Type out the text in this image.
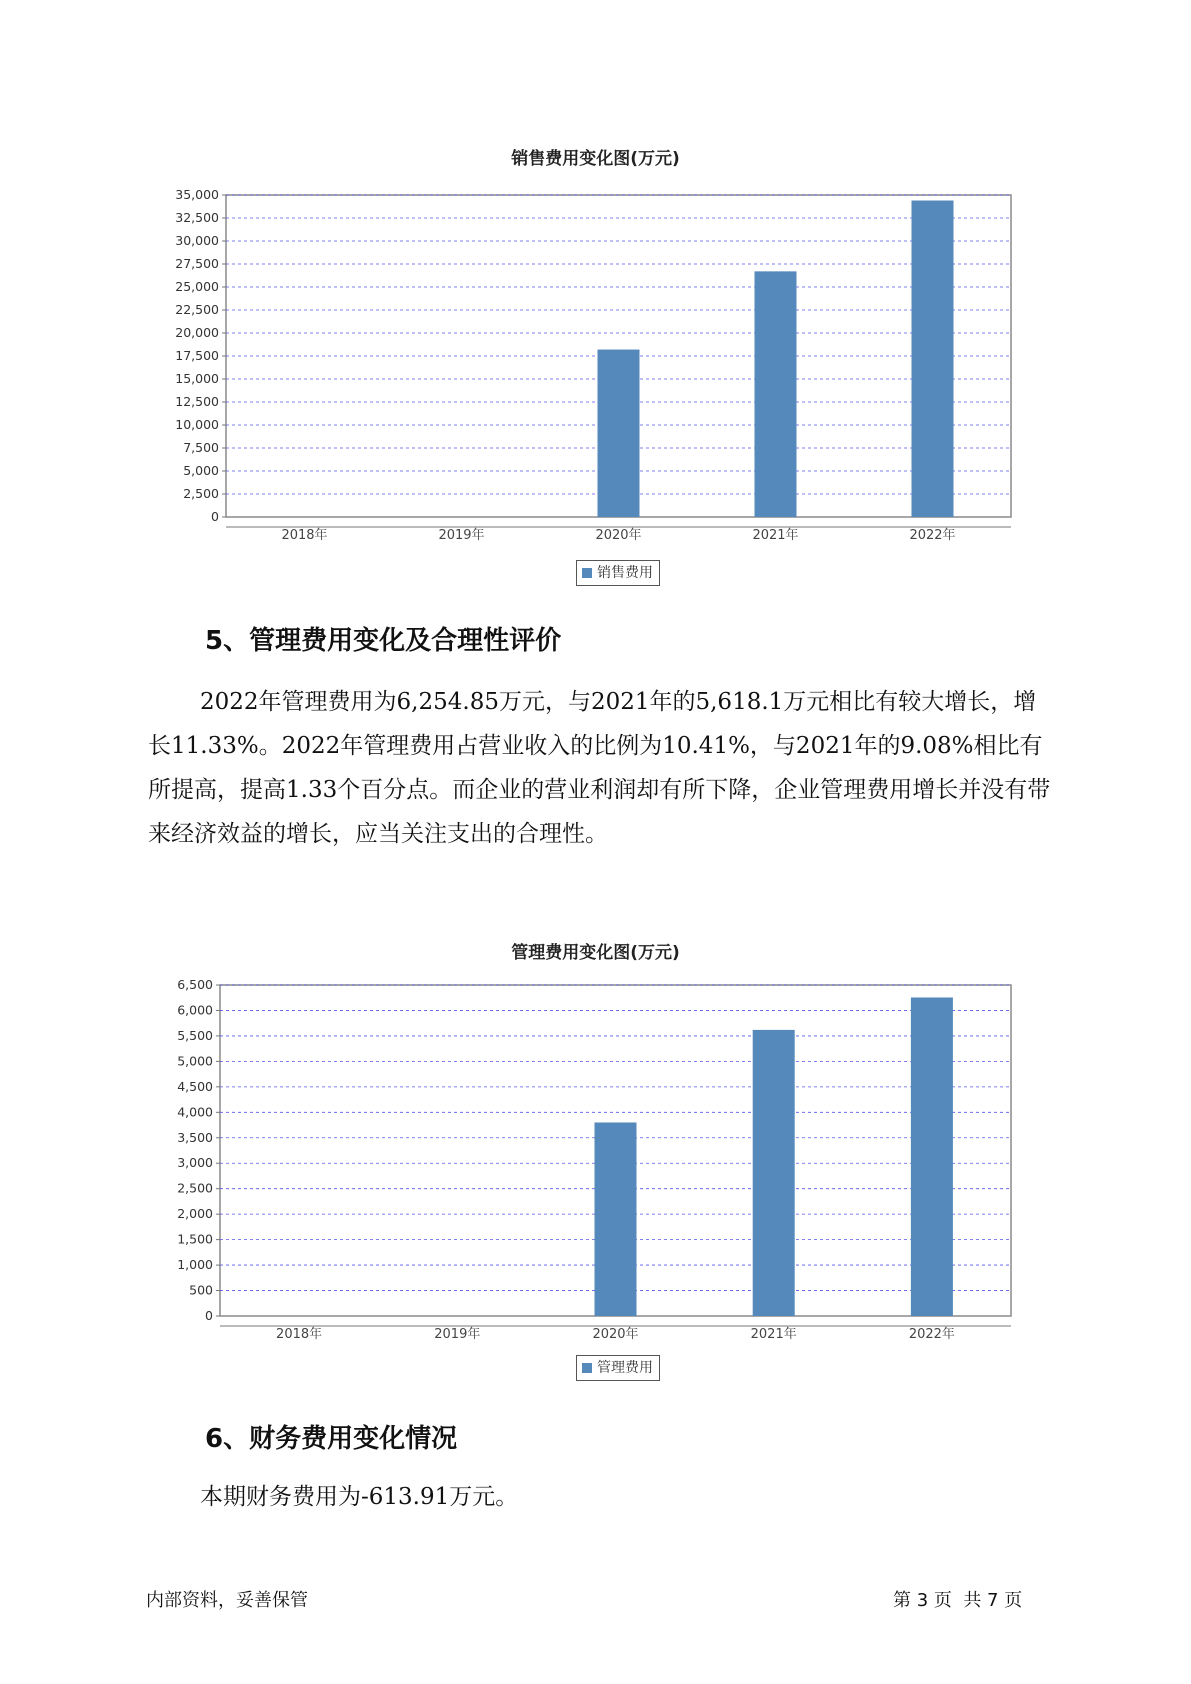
销售费用变化图(万元)
0
2,500
5,000
7,500
10,000
12,500
15,000
17,500
20,000
22,500
25,000
27,500
30,000
32,500
35,000
2018年	2019年	2020年	2021年	2022年
销售费用
5、管理费用变化及合理性评价

2022年管理费用为6,254.85万元，与2021年的5,618.1万元相比有较大增长，增长11.33%。2022年管理费用占营业收入的比例为10.41%，与2021年的9.08%相比有所提高，提高1.33个百分点。而企业的营业利润却有所下降，企业管理费用增长并没有带来经济效益的增长，应当关注支出的合理性。

管理费用变化图(万元)
0
500
1,000
1,500
2,000
2,500
3,000
3,500
4,000
4,500
5,000
5,500
6,000
6,500
2018年	2019年	2020年	2021年	2022年
管理费用
6、财务费用变化情况

本期财务费用为-613.91万元。

内部资料，妥善保管	第 3 页  共 7 页
